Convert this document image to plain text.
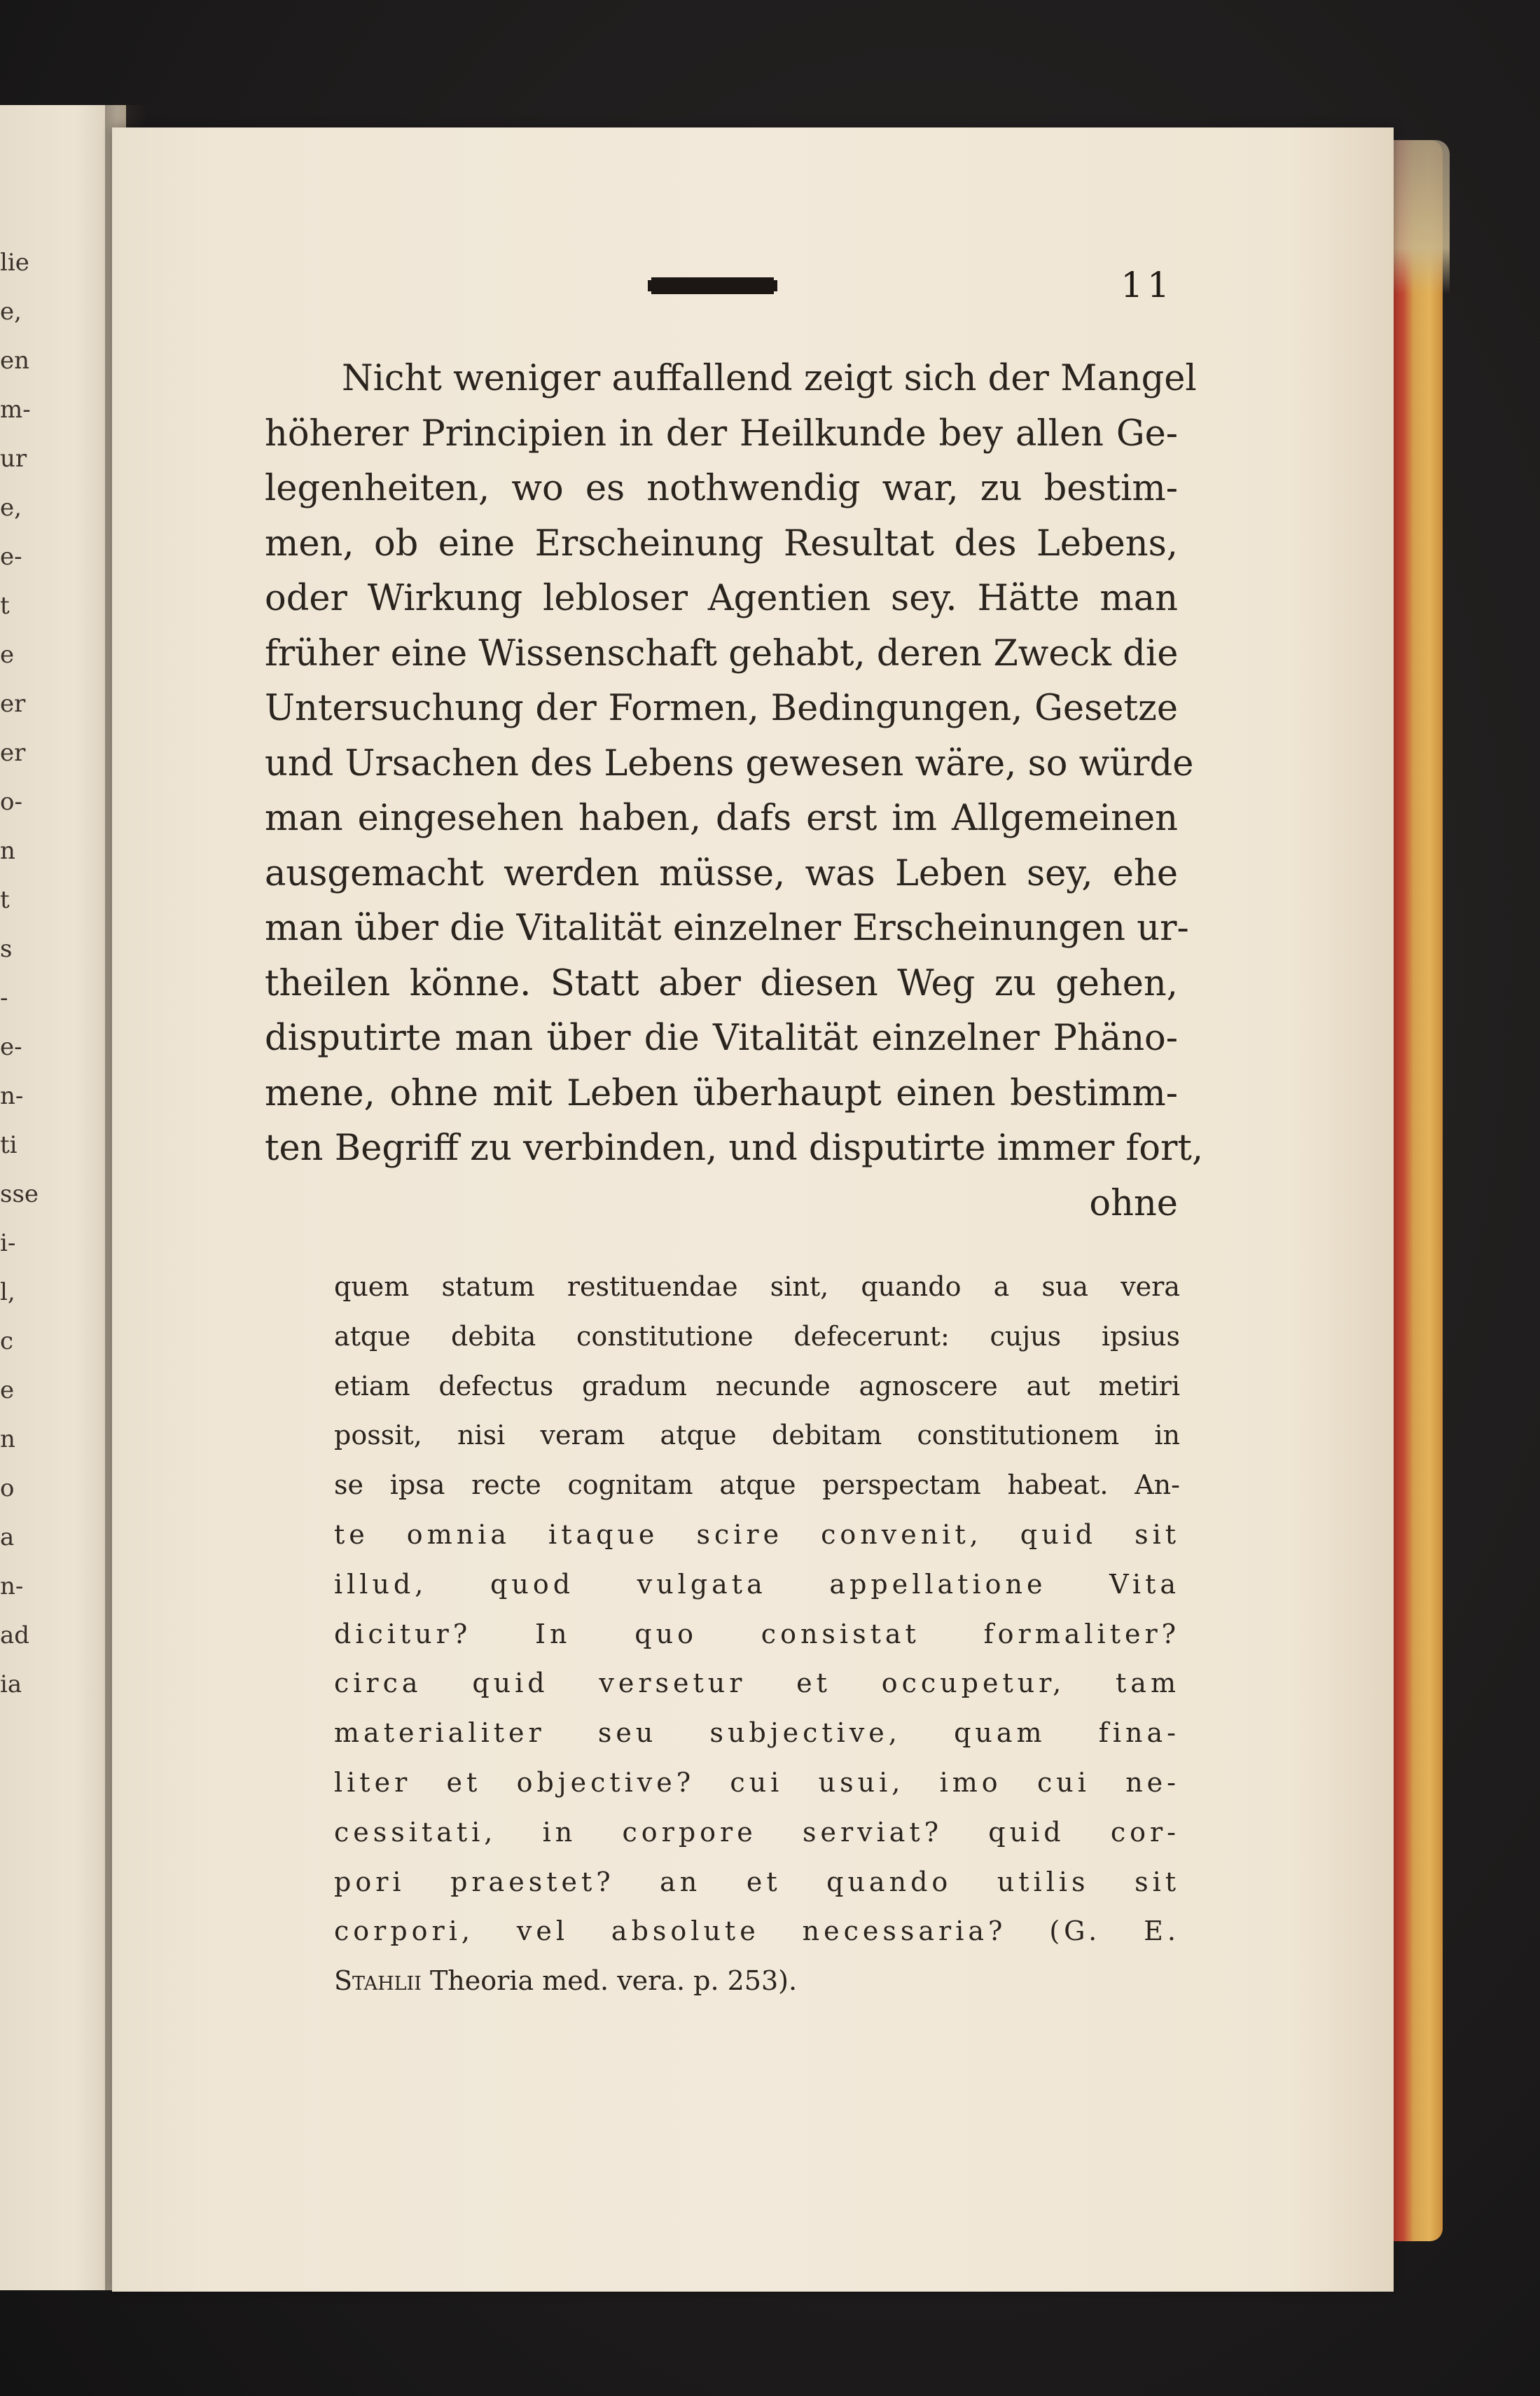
lie
e,
en
m-
ur
e,
e-
t
e
er
er
o-
n
t
s
-
e-
n-
ti
sse
i-
l,
c
e
n
o
a
n-
ad
ia
11
Nicht weniger auffallend zeigt sich der Mangel
höherer Principien in der Heilkunde bey allen Ge-
legenheiten, wo es nothwendig war, zu bestim-
men, ob eine Erscheinung Resultat des Lebens,
oder Wirkung lebloser Agentien sey. Hätte man
früher eine Wissenschaft gehabt, deren Zweck die
Untersuchung der Formen, Bedingungen, Gesetze
und Ursachen des Lebens gewesen wäre, so würde
man eingesehen haben, dafs erst im Allgemeinen
ausgemacht werden müsse, was Leben sey, ehe
man über die Vitalität einzelner Erscheinungen ur-
theilen könne. Statt aber diesen Weg zu gehen,
disputirte man über die Vitalität einzelner Phäno-
mene, ohne mit Leben überhaupt einen bestimm-
ten Begriff zu verbinden, und disputirte immer fort,
ohne
quem statum restituendae sint, quando a sua vera
atque debita constitutione defecerunt: cujus ipsius
etiam defectus gradum necunde agnoscere aut metiri
possit, nisi veram atque debitam constitutionem in
se ipsa recte cognitam atque perspectam habeat. An-
te omnia itaque scire convenit, quid sit
illud, quod vulgata appellatione Vita
dicitur? In quo consistat formaliter?
circa quid versetur et occupetur, tam
materialiter seu subjective, quam fina-
liter et objective? cui usui, imo cui ne-
cessitati, in corpore serviat? quid cor-
pori praestet? an et quando utilis sit
corpori, vel absolute necessaria? (G. E.
Stahlii Theoria med. vera. p. 253).
